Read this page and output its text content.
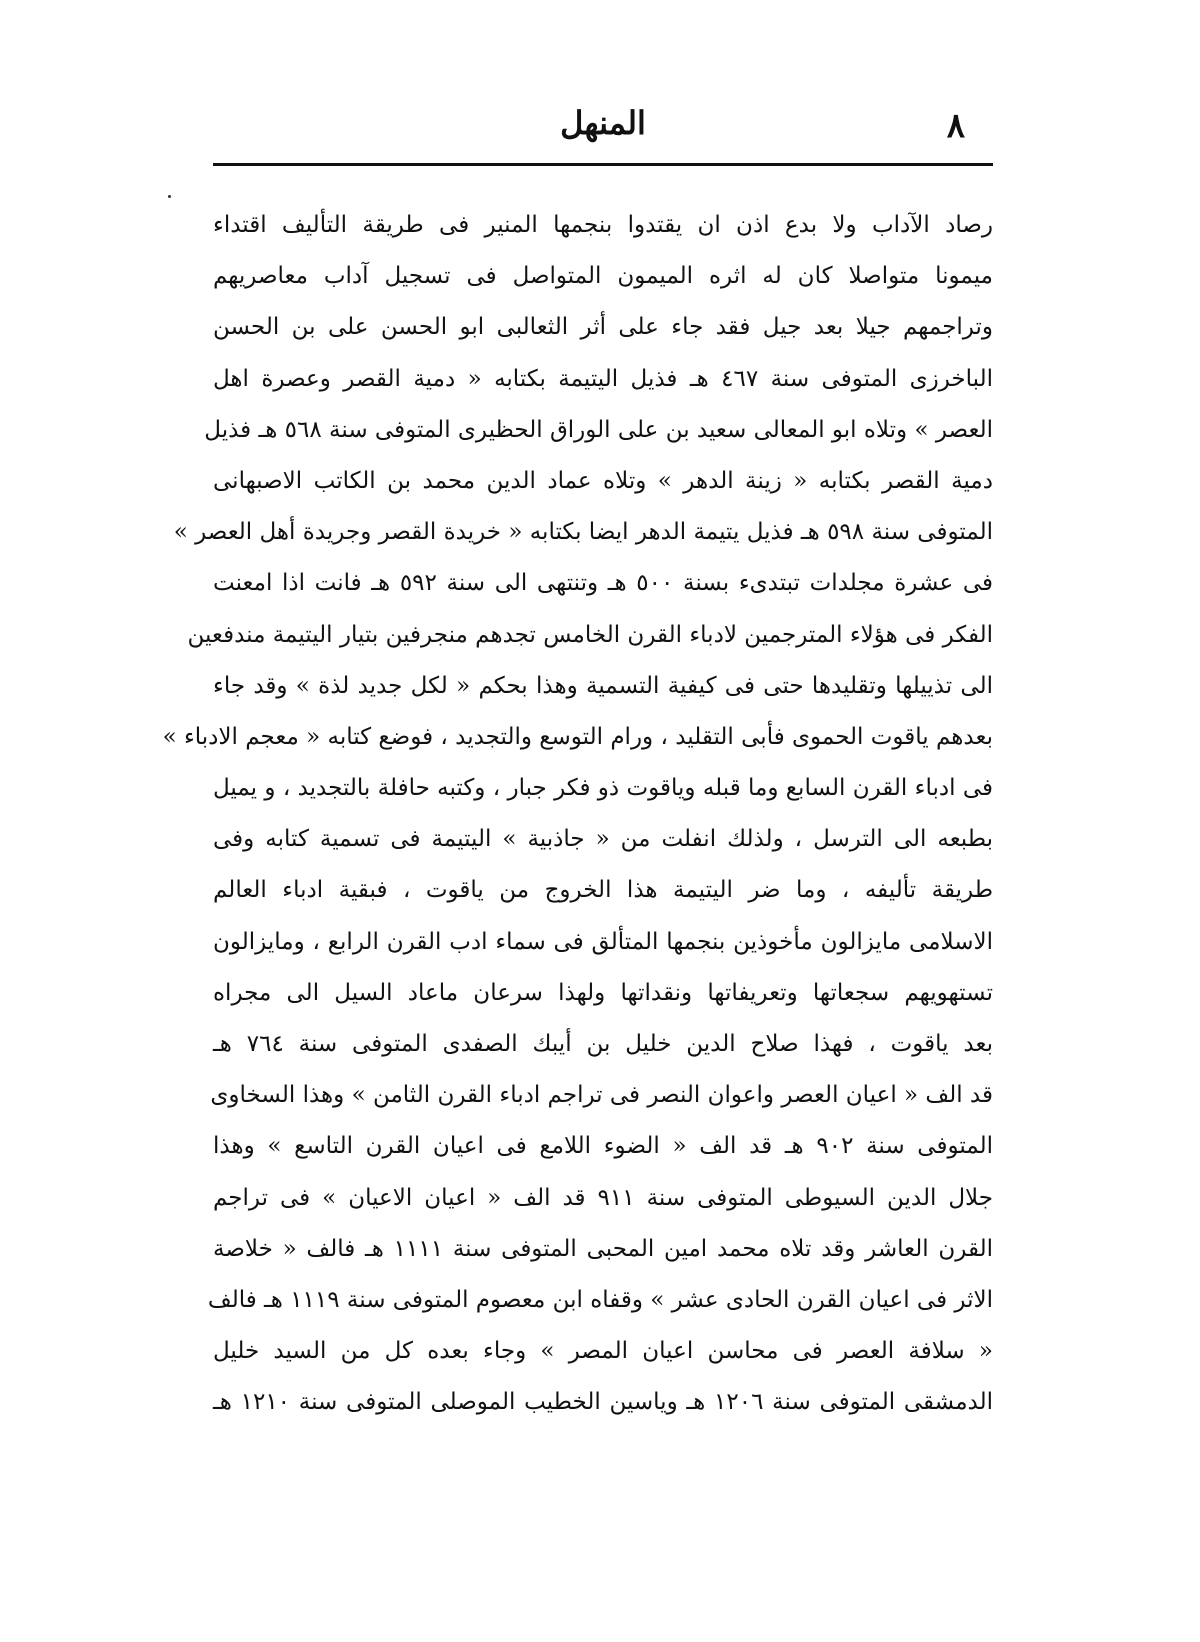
٨
المنهل
رصاد الآداب ولا بدع اذن ان يقتدوا بنجمها المنير فى طريقة التأليف اقتداء
ميمونا متواصلا كان له اثره الميمون المتواصل فى تسجيل آداب معاصريهم
وتراجمهم جيلا بعد جيل فقد جاء على أثر الثعالبى ابو الحسن على بن الحسن
الباخرزى المتوفى سنة ٤٦٧ هـ فذيل اليتيمة بكتابه « دمية القصر وعصرة اهل
العصر » وتلاه ابو المعالى سعيد بن على الوراق الحظيرى المتوفى سنة ٥٦٨ هـ فذيل
دمية القصر بكتابه « زينة الدهر » وتلاه عماد الدين محمد بن الكاتب الاصبهانى
المتوفى سنة ٥٩٨ هـ فذيل يتيمة الدهر ايضا بكتابه « خريدة القصر وجريدة أهل العصر »
فى عشرة مجلدات تبتدىء بسنة ٥٠٠ هـ وتنتهى الى سنة ٥٩٢ هـ فانت اذا امعنت
الفكر فى هؤلاء المترجمين لادباء القرن الخامس تجدهم منجرفين بتيار اليتيمة مندفعين
الى تذييلها وتقليدها حتى فى كيفية التسمية وهذا بحكم « لكل جديد لذة » وقد جاء
بعدهم ياقوت الحموى فأبى التقليد ، ورام التوسع والتجديد ، فوضع كتابه « معجم الادباء »
فى ادباء القرن السابع وما قبله وياقوت ذو فكر جبار ، وكتبه حافلة بالتجديد ، و يميل
بطبعه الى الترسل ، ولذلك انفلت من « جاذبية » اليتيمة فى تسمية كتابه وفى
طريقة تأليفه ، وما ضر اليتيمة هذا الخروج من ياقوت ، فبقية ادباء العالم
الاسلامى مايزالون مأخوذين بنجمها المتألق فى سماء ادب القرن الرابع ، ومايزالون
تستهويهم سجعاتها وتعريفاتها ونقداتها ولهذا سرعان ماعاد السيل الى مجراه
بعد ياقوت ، فهذا صلاح الدين خليل بن أيبك الصفدى المتوفى سنة ٧٦٤ هـ
قد الف « اعيان العصر واعوان النصر فى تراجم ادباء القرن الثامن » وهذا السخاوى
المتوفى سنة ٩٠٢ هـ قد الف « الضوء اللامع فى اعيان القرن التاسع » وهذا
جلال الدين السيوطى المتوفى سنة ٩١١ قد الف « اعيان الاعيان » فى تراجم
القرن العاشر وقد تلاه محمد امين المحبى المتوفى سنة ١١١١ هـ فالف « خلاصة
الاثر فى اعيان القرن الحادى عشر » وقفاه ابن معصوم المتوفى سنة ١١١٩ هـ فالف
« سلافة العصر فى محاسن اعيان المصر » وجاء بعده كل من السيد خليل
الدمشقى المتوفى سنة ١٢٠٦ هـ وياسين الخطيب الموصلى المتوفى سنة ١٢١٠ هـ
